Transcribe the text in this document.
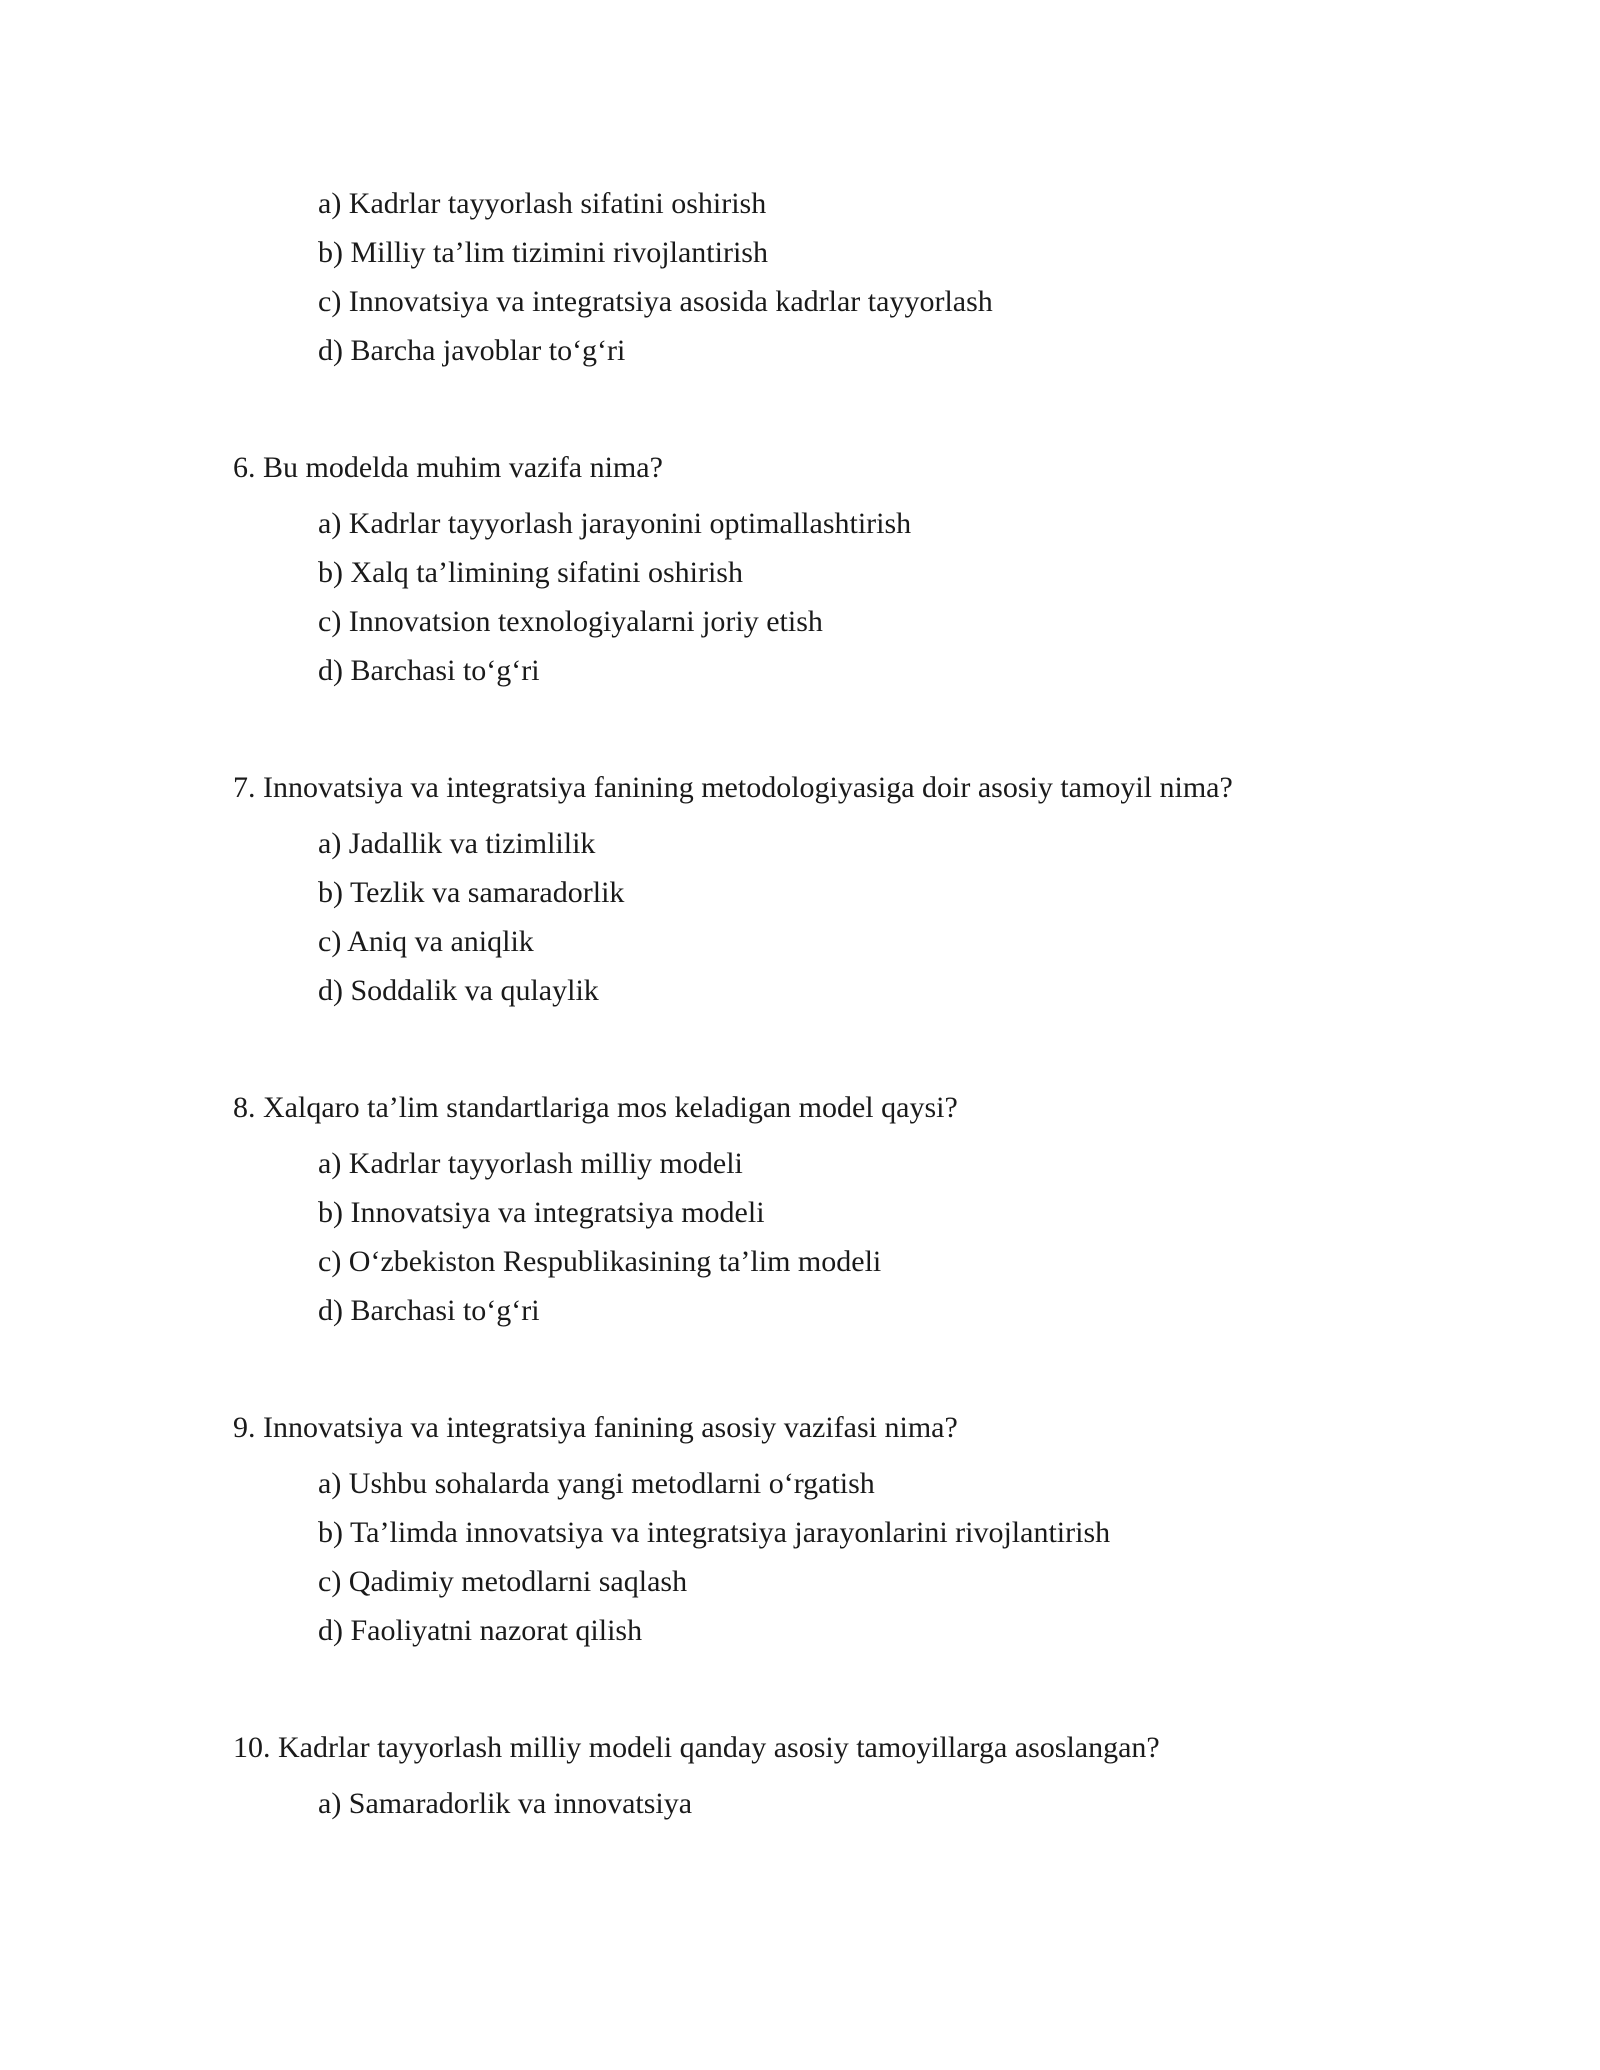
a) Kadrlar tayyorlash sifatini oshirish
b) Milliy ta’lim tizimini rivojlantirish
c) Innovatsiya va integratsiya asosida kadrlar tayyorlash
d) Barcha javoblar to‘g‘ri
6. Bu modelda muhim vazifa nima?
a) Kadrlar tayyorlash jarayonini optimallashtirish
b) Xalq ta’limining sifatini oshirish
c) Innovatsion texnologiyalarni joriy etish
d) Barchasi to‘g‘ri
7. Innovatsiya va integratsiya fanining metodologiyasiga doir asosiy tamoyil nima?
a) Jadallik va tizimlilik
b) Tezlik va samaradorlik
c) Aniq va aniqlik
d) Soddalik va qulaylik
8. Xalqaro ta’lim standartlariga mos keladigan model qaysi?
a) Kadrlar tayyorlash milliy modeli
b) Innovatsiya va integratsiya modeli
c) O‘zbekiston Respublikasining ta’lim modeli
d) Barchasi to‘g‘ri
9. Innovatsiya va integratsiya fanining asosiy vazifasi nima?
a) Ushbu sohalarda yangi metodlarni o‘rgatish
b) Ta’limda innovatsiya va integratsiya jarayonlarini rivojlantirish
c) Qadimiy metodlarni saqlash
d) Faoliyatni nazorat qilish
10. Kadrlar tayyorlash milliy modeli qanday asosiy tamoyillarga asoslangan?
a) Samaradorlik va innovatsiya
